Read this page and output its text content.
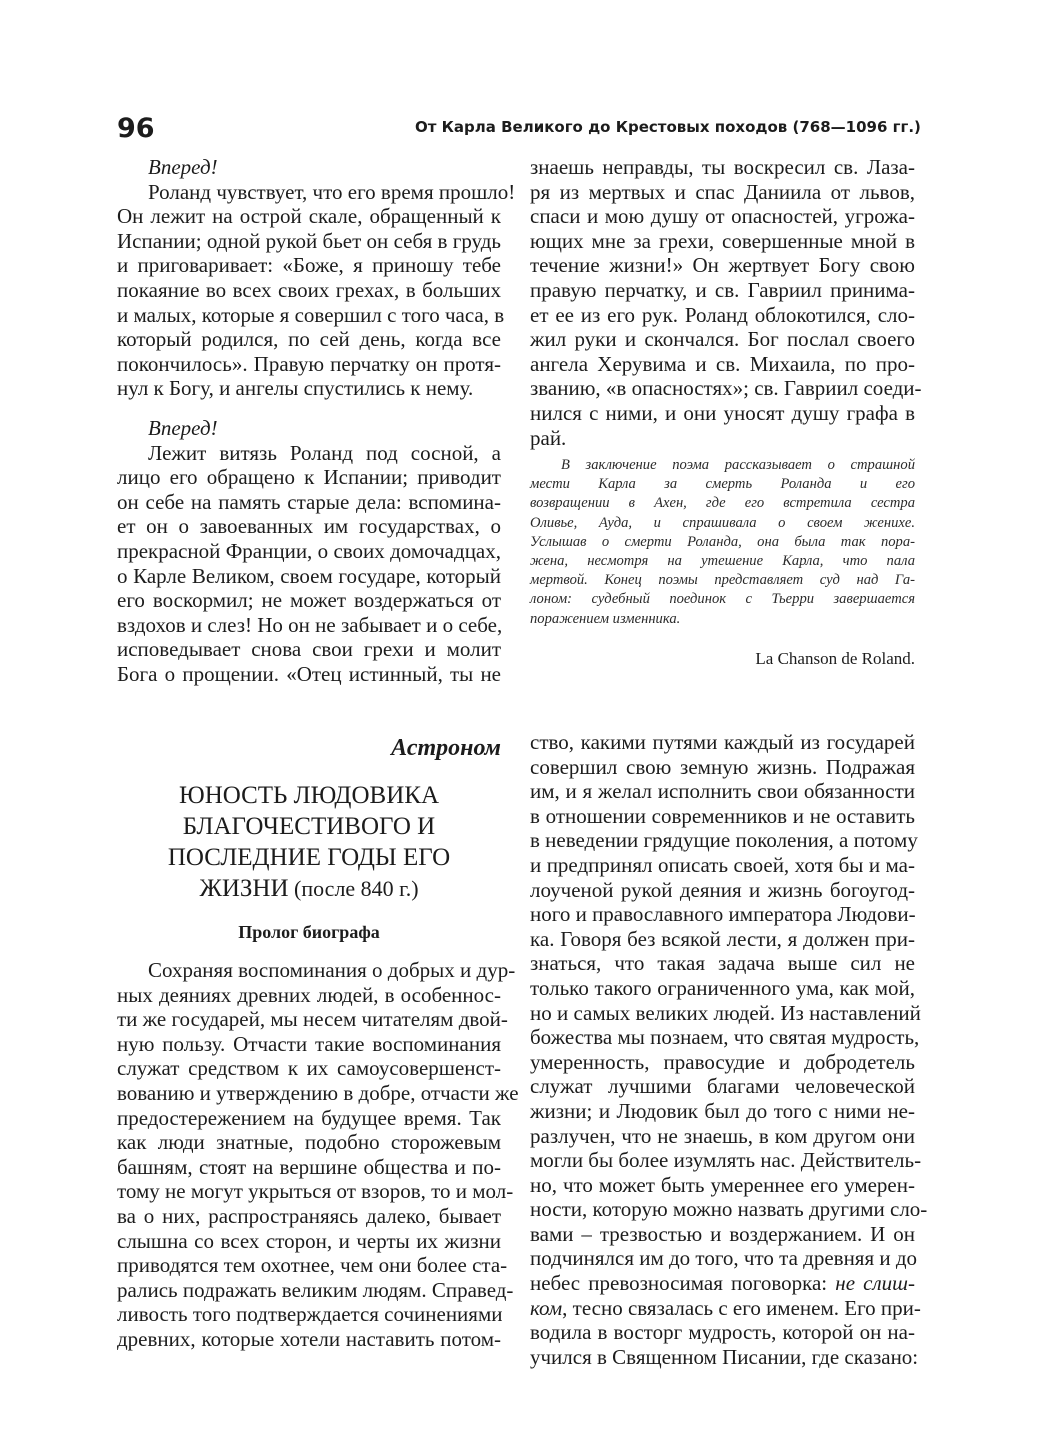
96	От Карла Великого до Крестовых походов (768—1096 гг.)
Вперед!
Роланд чувствует, что его время прошло!
Он лежит на острой скале, обращенный к
Испании; одной рукой бьет он себя в грудь
и приговаривает: «Боже, я приношу тебе
покаяние во всех своих грехах, в больших
и малых, которые я совершил с того часа, в
который родился, по сей день, когда все
покончилось». Правую перчатку он протя-
нул к Богу, и ангелы спустились к нему.
Вперед!
Лежит витязь Роланд под сосной, а
лицо его обращено к Испании; приводит
он себе на память старые дела: вспомина-
ет он о завоеванных им государствах, о
прекрасной Франции, о своих домочадцах,
о Карле Великом, своем государе, который
его воскормил; не может воздержаться от
вздохов и слез! Но он не забывает и о себе,
исповедывает снова свои грехи и молит
Бога о прощении. «Отец истинный, ты не
знаешь неправды, ты воскресил св. Лаза-
ря из мертвых и спас Даниила от львов,
спаси и мою душу от опасностей, угрожа-
ющих мне за грехи, совершенные мной в
течение жизни!» Он жертвует Богу свою
правую перчатку, и св. Гавриил принима-
ет ее из его рук. Роланд облокотился, сло-
жил руки и скончался. Бог послал своего
ангела Херувима и св. Михаила, по про-
званию, «в опасностях»; св. Гавриил соеди-
нился с ними, и они уносят душу графа в
рай.
В заключение поэма рассказывает о страшной
мести Карла за смерть Роланда и его
возвращении в Ахен, где его встретила сестра
Оливье, Ауда, и спрашивала о своем женихе.
Услышав о смерти Роланда, она была так пора-
жена, несмотря на утешение Карла, что пала
мертвой. Конец поэмы представляет суд над Га-
лоном: судебный поединок с Тьерри завершается
поражением изменника.
La Chanson de Roland.
Астроном
ЮНОСТЬ ЛЮДОВИКА
БЛАГОЧЕСТИВОГО И
ПОСЛЕДНИЕ ГОДЫ ЕГО
ЖИЗНИ (после 840 г.)
Пролог биографа
Сохраняя воспоминания о добрых и дур-
ных деяниях древних людей, в особеннос-
ти же государей, мы несем читателям двой-
ную пользу. Отчасти такие воспоминания
служат средством к их самоусовершенст-
вованию и утверждению в добре, отчасти же
предостережением на будущее время. Так
как люди знатные, подобно сторожевым
башням, стоят на вершине общества и по-
тому не могут укрыться от взоров, то и мол-
ва о них, распространяясь далеко, бывает
слышна со всех сторон, и черты их жизни
приводятся тем охотнее, чем они более ста-
рались подражать великим людям. Справед-
ливость того подтверждается сочинениями
древних, которые хотели наставить потом-
ство, какими путями каждый из государей
совершил свою земную жизнь. Подражая
им, и я желал исполнить свои обязанности
в отношении современников и не оставить
в неведении грядущие поколения, а потому
и предпринял описать своей, хотя бы и ма-
лоученой рукой деяния и жизнь богоугод-
ного и православного императора Людови-
ка. Говоря без всякой лести, я должен при-
знаться, что такая задача выше сил не
только такого ограниченного ума, как мой,
но и самых великих людей. Из наставлений
божества мы познаем, что святая мудрость,
умеренность, правосудие и добродетель
служат лучшими благами человеческой
жизни; и Людовик был до того с ними не-
разлучен, что не знаешь, в ком другом они
могли бы более изумлять нас. Действитель-
но, что может быть умереннее его умерен-
ности, которую можно назвать другими сло-
вами – трезвостью и воздержанием. И он
подчинялся им до того, что та древняя и до
небес превозносимая поговорка: не слиш-
ком, тесно связалась с его именем. Его при-
водила в восторг мудрость, которой он на-
учился в Священном Писании, где сказано:
